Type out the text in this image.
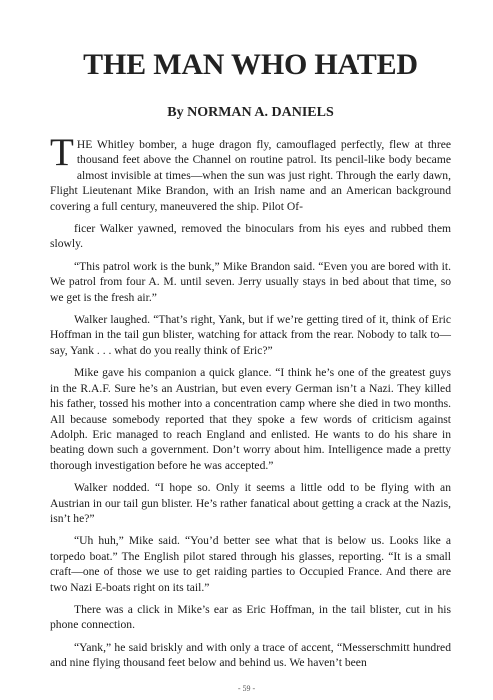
THE MAN WHO HATED
By NORMAN A. DANIELS

THE Whitley bomber, a huge dragon fly, camouflaged perfectly, flew at three thousand feet above the Channel on routine patrol. Its pencil-like body became almost invisible at times—when the sun was just right. Through the early dawn, Flight Lieutenant Mike Brandon, with an Irish name and an American background covering a full century, maneuvered the ship. Pilot Of-

ficer Walker yawned, removed the binoculars from his eyes and rubbed them slowly.

“This patrol work is the bunk,” Mike Brandon said. “Even you are bored with it. We patrol from four A. M. until seven. Jerry usually stays in bed about that time, so we get is the fresh air.”

Walker laughed. “That’s right, Yank, but if we’re getting tired of it, think of Eric Hoffman in the tail gun blister, watching for attack from the rear. Nobody to talk to—say, Yank . . . what do you really think of Eric?”

Mike gave his companion a quick glance. “I think he’s one of the greatest guys in the R.A.F. Sure he’s an Austrian, but even every German isn’t a Nazi. They killed his father, tossed his mother into a concentration camp where she died in two months. All because somebody reported that they spoke a few words of criticism against Adolph. Eric managed to reach England and enlisted. He wants to do his share in beating down such a government. Don’t worry about him. Intelligence made a pretty thorough investigation before he was accepted.”

Walker nodded. “I hope so. Only it seems a little odd to be flying with an Austrian in our tail gun blister. He’s rather fanatical about getting a crack at the Nazis, isn’t he?”

“Uh huh,” Mike said. “You’d better see what that is below us. Looks like a torpedo boat.” The English pilot stared through his glasses, reporting. “It is a small craft—one of those we use to get raiding parties to Occupied France. And there are two Nazi E-boats right on its tail.”

There was a click in Mike’s ear as Eric Hoffman, in the tail blister, cut in his phone connection.

“Yank,” he said briskly and with only a trace of accent, “Messerschmitt hundred and nine flying thousand feet below and behind us. We haven’t been

- 59 -
